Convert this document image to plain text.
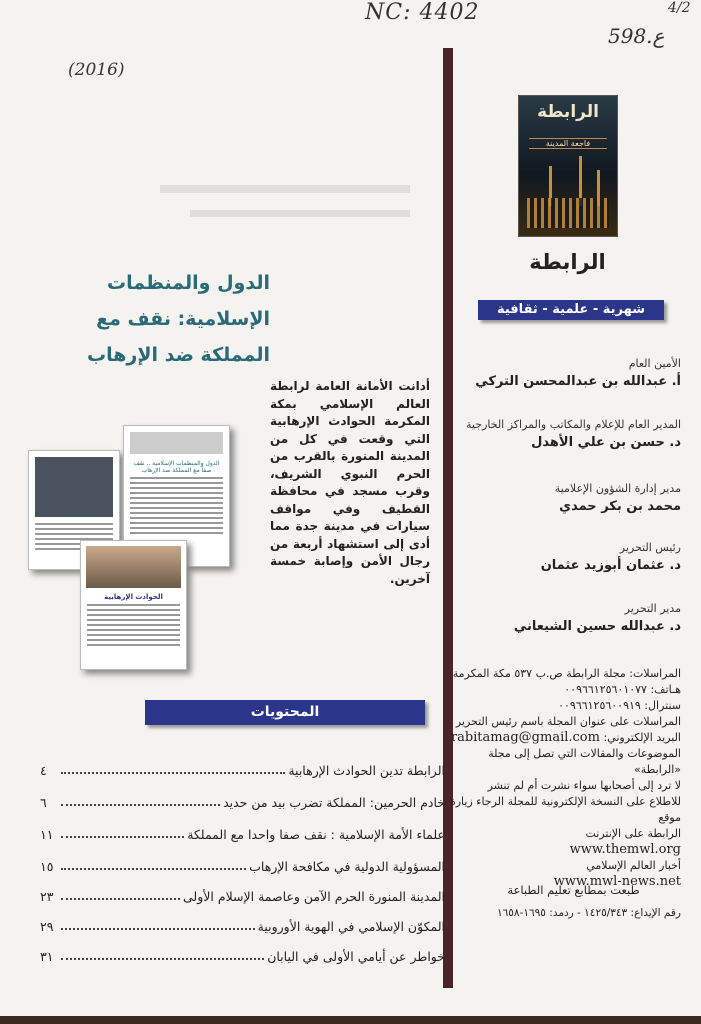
NC: 4402	4/2
598.ع
(2016)
الرابطة
فاجعة المدينة
الرابطة
شهرية - علمية - ثقافية
الأمين العام
أ. عبدالله بن عبدالمحسن التركي
المدير العام للإعلام والمكاتب والمراكز الخارجية
د. حسن بن علي الأهدل
مدير إدارة الشؤون الإعلامية
محمد بن بكر حمدي
رئيس التحرير
د. عثمان أبوزيد عثمان
مدير التحرير
د. عبدالله حسين الشيعاني
المراسلات: مجلة الرابطة ص.ب ٥٣٧ مكة المكرمة
هـاتف: ٠٠٩٦٦١٢٥٦٠١٠٧٧
سنترال: ٠٠٩٦٦١٢٥٦٠٠٩١٩
المراسلات على عنوان المجلة باسم رئيس التحرير
البريد الإلكتروني: rabitamag@gmail.com
الموضوعات والمقالات التي تصل إلى مجلة «الرابطة»
لا ترد إلى أصحابها سواء نشرت أم لم تنشر
للاطلاع على النسخة الإلكترونية للمجلة الرجاء زيارة موقع
الرابطة على الإنترنت
www.themwl.org
أخبار العالم الإسلامي
www.mwl-news.net
طبعت بمطابع تعليم الطباعة
رقم الإيداع: ١٤٢٥/٣٤٣ - ردمد: ١٦٩٥-١٦٥٨
الدول والمنظمات
الإسلامية: نقف مع
المملكة ضد الإرهاب
أدانت الأمانة العامة لرابطة العالم الإسلامي بمكة المكرمة الحوادث الإرهابية التي وقعت في كل من المدينة المنورة بالقرب من الحرم النبوي الشريف، وقرب مسجد في محافظة القطيف وفي مواقف سيارات في مدينة جدة مما أدى إلى استشهاد أربعة من رجال الأمن وإصابة خمسة آخرين.
الدول والمنظمات الإسلامية .. نقف صفاً مع المملكة ضد الإرهاب
الحوادث الإرهابية
المحتويات
الرابطة تدين الحوادث الإرهابية
٤
خادم الحرمين: المملكة تضرب بيد من حديد
٦
علماء الأمة الإسلامية : نقف صفا واحدا مع المملكة
١١
المسؤولية الدولية في مكافحة الإرهاب
١٥
المدينة المنورة الحرم الآمن وعاصمة الإسلام الأولى
٢٣
المكوّن الإسلامي في الهوية الأوروبية
٢٩
خواطر عن أيامي الأولى في اليابان
٣١
